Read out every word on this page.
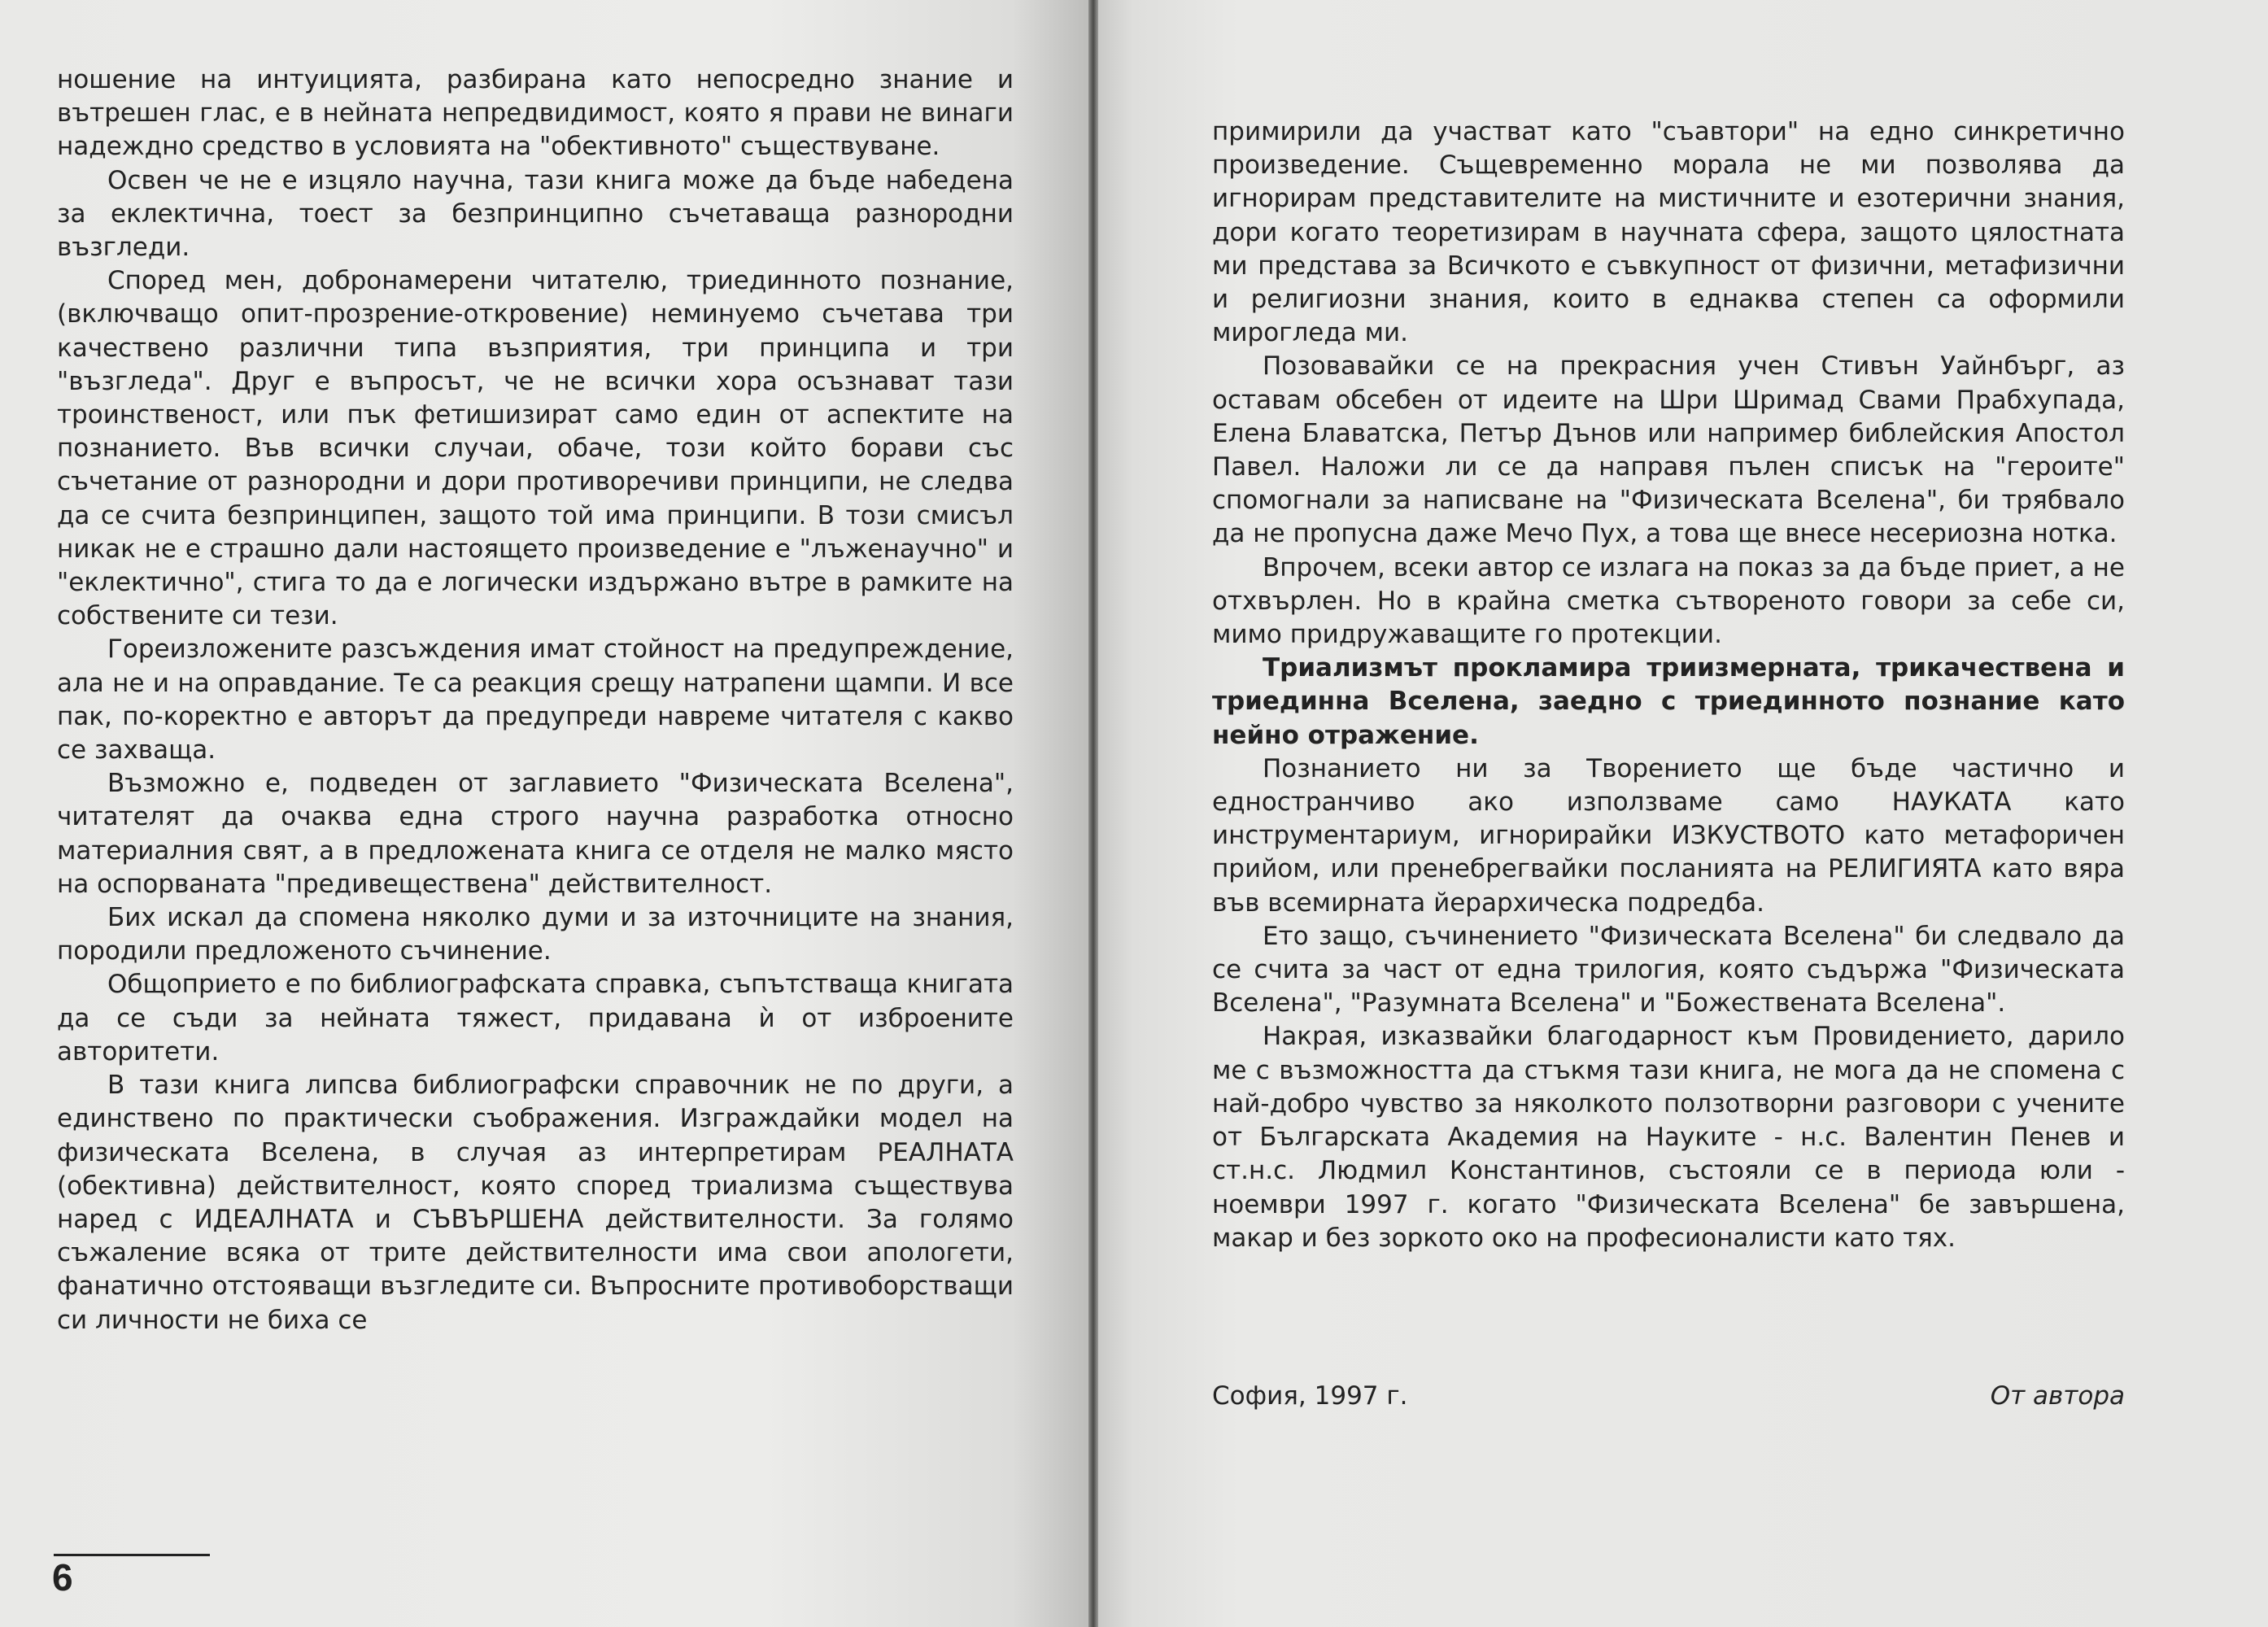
ношение на интуицията, разбирана като непосредно знание и вътрешен глас, е в нейната непредвидимост, която я прави не винаги надеждно средство в условията на "обективното" съществуване.

Освен че не е изцяло научна, тази книга може да бъде набедена за еклектична, тоест за безпринципно съчетаваща разнородни възгледи.

Според мен, добронамерени читателю, триединното познание, (включващо опит-прозрение-откровение) неминуемо съчетава три качествено различни типа възприятия, три принципа и три "възгледа". Друг е въпросът, че не всички хора осъзнават тази троинственост, или пък фетишизират само един от аспектите на познанието. Във всички случаи, обаче, този който борави със съчетание от разнородни и дори противоречиви принципи, не следва да се счита безпринципен, защото той има принципи. В този смисъл никак не е страшно дали настоящето произведение е "лъженаучно" и "еклектично", стига то да е логически издържано вътре в рамките на собствените си тези.

Гореизложените разсъждения имат стойност на предупреждение, ала не и на оправдание. Те са реакция срещу натрапени щампи. И все пак, по-коректно е авторът да предупреди навреме читателя с какво се захваща.

Възможно е, подведен от заглавието "Физическата Вселена", читателят да очаква една строго научна разработка относно материалния свят, а в предложената книга се отделя не малко място на оспорваната "предивеществена" действителност.

Бих искал да спомена няколко думи и за източниците на знания, породили предложеното съчинение.

Общоприето е по библиографската справка, съпътстваща книгата да се съди за нейната тяжест, придавана ѝ от изброените авторитети.

В тази книга липсва библиографски справочник не по други, а единствено по практически съображения. Изграждайки модел на физическата Вселена, в случая аз интерпретирам РЕАЛНАТА (обективна) действителност, която според триализма съществува наред с ИДЕАЛНАТА и СЪВЪРШЕНА действителности. За голямо съжаление всяка от трите действителности има свои апологети, фанатично отстояващи възгледите си. Въпросните противоборстващи си личности не биха се

6

примирили да участват като "съавтори" на едно синкретично произведение. Същевременно морала не ми позволява да игнорирам представителите на мистичните и езотерични знания, дори когато теоретизирам в научната сфера, защото цялостната ми представа за Всичкото е съвкупност от физични, метафизични и религиозни знания, които в еднаква степен са оформили мирогледа ми.

Позовавайки се на прекрасния учен Стивън Уайнбърг, аз оставам обсебен от идеите на Шри Шримад Свами Прабхупада, Елена Блаватска, Петър Дънов или например библейския Апостол Павел. Наложи ли се да направя пълен списък на "героите" спомогнали за написване на "Физическата Вселена", би трябвало да не пропусна даже Мечо Пух, а това ще внесе несериозна нотка.

Впрочем, всеки автор се излага на показ за да бъде приет, а не отхвърлен. Но в крайна сметка сътвореното говори за себе си, мимо придружаващите го протекции.

Триализмът прокламира триизмерната, трикачествена и триединна Вселена, заедно с триединното познание като нейно отражение.

Познанието ни за Творението ще бъде частично и едностранчиво ако използваме само НАУКАТА като инструментариум, игнорирайки ИЗКУСТВОТО като метафоричен прийом, или пренебрегвайки посланията на РЕЛИГИЯТА като вяра във всемирната йерархическа подредба.

Ето защо, съчинението "Физическата Вселена" би следвало да се счита за част от една трилогия, която съдържа "Физическата Вселена", "Разумната Вселена" и "Божествената Вселена".

Накрая, изказвайки благодарност към Провидението, дарило ме с възможността да стъкмя тази книга, не мога да не спомена с най-добро чувство за няколкото ползотворни разговори с учените от Българската Академия на Науките - н.с. Валентин Пенев и ст.н.с. Людмил Константинов, състояли се в периода юли - ноември 1997 г. когато "Физическата Вселена" бе завършена, макар и без зоркото око на професионалисти като тях.

София, 1997 г.	От автора
